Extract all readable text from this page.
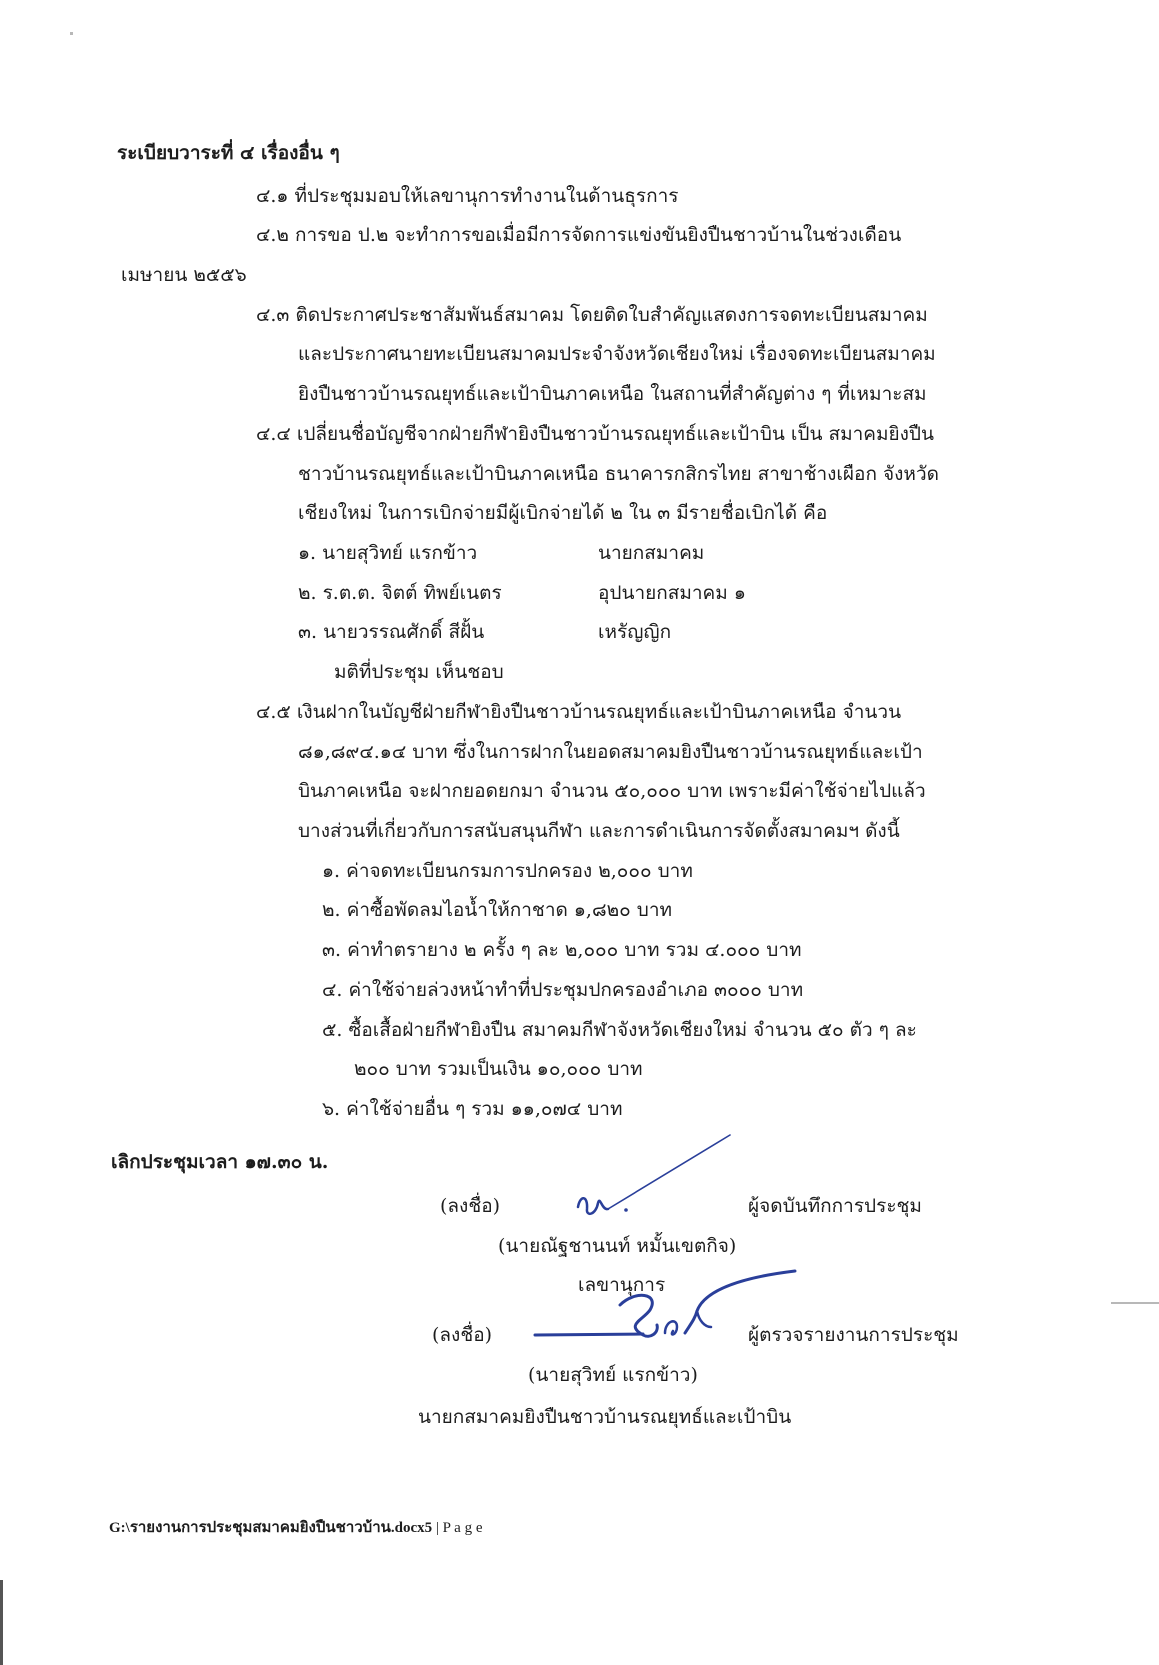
ระเบียบวาระที่ ๔ เรื่องอื่น ๆ
๔.๑ ที่ประชุมมอบให้เลขานุการทำงานในด้านธุรการ
๔.๒ การขอ ป.๒ จะทำการขอเมื่อมีการจัดการแข่งขันยิงปืนชาวบ้านในช่วงเดือน
เมษายน ๒๕๕๖
๔.๓ ติดประกาศประชาสัมพันธ์สมาคม โดยติดใบสำคัญแสดงการจดทะเบียนสมาคม
และประกาศนายทะเบียนสมาคมประจำจังหวัดเชียงใหม่ เรื่องจดทะเบียนสมาคม
ยิงปืนชาวบ้านรณยุทธ์และเป้าบินภาคเหนือ ในสถานที่สำคัญต่าง ๆ ที่เหมาะสม
๔.๔ เปลี่ยนชื่อบัญชีจากฝ่ายกีฬายิงปืนชาวบ้านรณยุทธ์และเป้าบิน เป็น สมาคมยิงปืน
ชาวบ้านรณยุทธ์และเป้าบินภาคเหนือ ธนาคารกสิกรไทย สาขาช้างเผือก จังหวัด
เชียงใหม่ ในการเบิกจ่ายมีผู้เบิกจ่ายได้ ๒ ใน ๓ มีรายชื่อเบิกได้ คือ
๑. นายสุวิทย์ แรกข้าว	นายกสมาคม
๒. ร.ต.ต. จิตต์ ทิพย์เนตร	อุปนายกสมาคม ๑
๓. นายวรรณศักดิ์ สีฝั้น	เหรัญญิก
มติที่ประชุม เห็นชอบ
๔.๕ เงินฝากในบัญชีฝ่ายกีฬายิงปืนชาวบ้านรณยุทธ์และเป้าบินภาคเหนือ จำนวน
๘๑,๘๙๔.๑๔ บาท ซึ่งในการฝากในยอดสมาคมยิงปืนชาวบ้านรณยุทธ์และเป้า
บินภาคเหนือ จะฝากยอดยกมา จำนวน ๕๐,๐๐๐ บาท เพราะมีค่าใช้จ่ายไปแล้ว
บางส่วนที่เกี่ยวกับการสนับสนุนกีฬา และการดำเนินการจัดตั้งสมาคมฯ ดังนี้
๑. ค่าจดทะเบียนกรมการปกครอง ๒,๐๐๐ บาท
๒. ค่าซื้อพัดลมไอน้ำให้กาชาด ๑,๘๒๐ บาท
๓. ค่าทำตรายาง ๒ ครั้ง ๆ ละ ๒,๐๐๐ บาท รวม ๔.๐๐๐ บาท
๔. ค่าใช้จ่ายล่วงหน้าทำที่ประชุมปกครองอำเภอ ๓๐๐๐ บาท
๕. ซื้อเสื้อฝ่ายกีฬายิงปืน สมาคมกีฬาจังหวัดเชียงใหม่ จำนวน ๕๐ ตัว ๆ ละ
๒๐๐ บาท รวมเป็นเงิน ๑๐,๐๐๐ บาท
๖. ค่าใช้จ่ายอื่น ๆ รวม ๑๑,๐๗๔ บาท
เลิกประชุมเวลา ๑๗.๓๐ น.
(ลงชื่อ)	ผู้จดบันทึกการประชุม
(นายณัฐชานนท์ หมั้นเขตกิจ)
เลขานุการ
(ลงชื่อ)	ผู้ตรวจรายงานการประชุม
(นายสุวิทย์ แรกข้าว)
นายกสมาคมยิงปืนชาวบ้านรณยุทธ์และเป้าบิน
G:\รายงานการประชุมสมาคมยิงปืนชาวบ้าน.docx5 | P a g e
